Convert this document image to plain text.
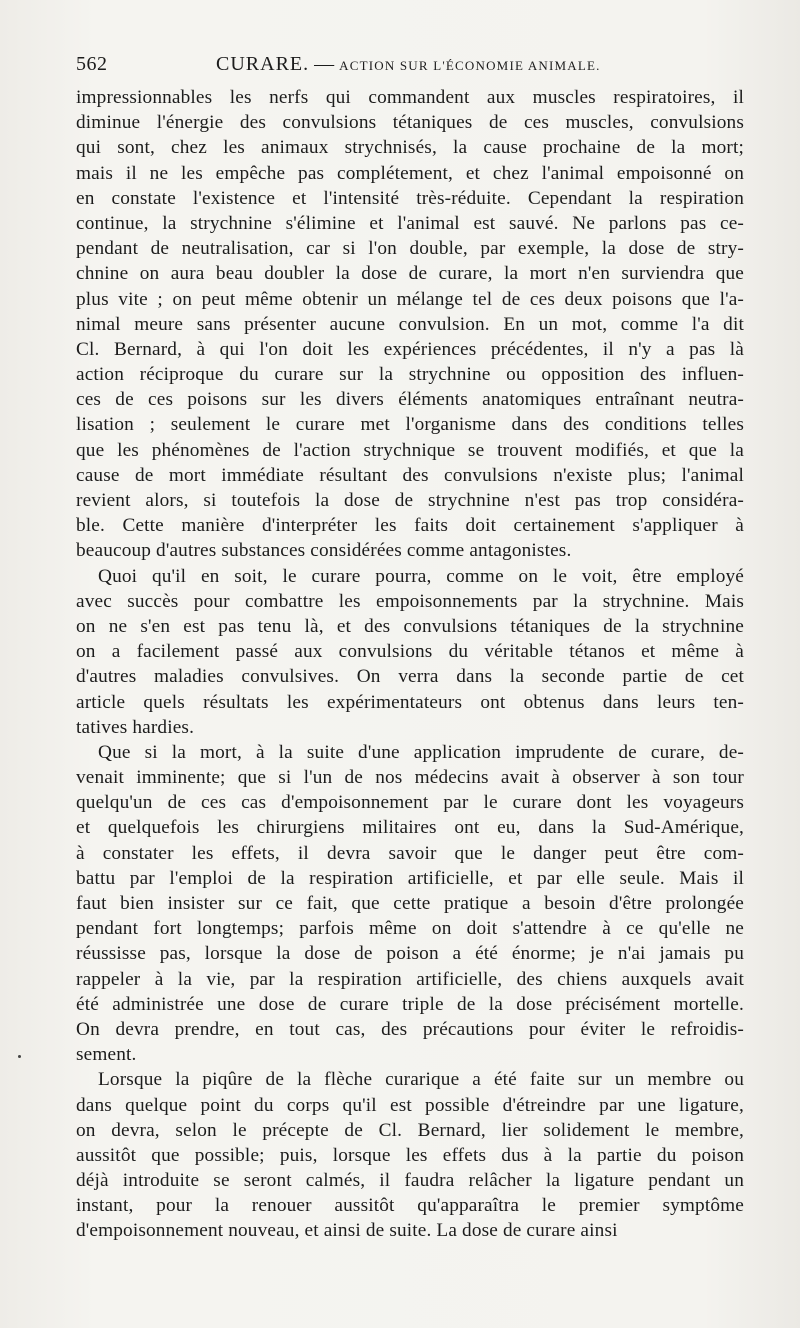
562	CURARE. — ACTION SUR L'ÉCONOMIE ANIMALE.
impressionnables les nerfs qui commandent aux muscles respiratoires, il
diminue l'énergie des convulsions tétaniques de ces muscles, convulsions
qui sont, chez les animaux strychnisés, la cause prochaine de la mort;
mais il ne les empêche pas complétement, et chez l'animal empoisonné on
en constate l'existence et l'intensité très-réduite. Cependant la respiration
continue, la strychnine s'élimine et l'animal est sauvé. Ne parlons pas ce-
pendant de neutralisation, car si l'on double, par exemple, la dose de stry-
chnine on aura beau doubler la dose de curare, la mort n'en surviendra que
plus vite ; on peut même obtenir un mélange tel de ces deux poisons que l'a-
nimal meure sans présenter aucune convulsion. En un mot, comme l'a dit
Cl. Bernard, à qui l'on doit les expériences précédentes, il n'y a pas là
action réciproque du curare sur la strychnine ou opposition des influen-
ces de ces poisons sur les divers éléments anatomiques entraînant neutra-
lisation ; seulement le curare met l'organisme dans des conditions telles
que les phénomènes de l'action strychnique se trouvent modifiés, et que la
cause de mort immédiate résultant des convulsions n'existe plus; l'animal
revient alors, si toutefois la dose de strychnine n'est pas trop considéra-
ble. Cette manière d'interpréter les faits doit certainement s'appliquer à
beaucoup d'autres substances considérées comme antagonistes.
Quoi qu'il en soit, le curare pourra, comme on le voit, être employé
avec succès pour combattre les empoisonnements par la strychnine. Mais
on ne s'en est pas tenu là, et des convulsions tétaniques de la strychnine
on a facilement passé aux convulsions du véritable tétanos et même à
d'autres maladies convulsives. On verra dans la seconde partie de cet
article quels résultats les expérimentateurs ont obtenus dans leurs ten-
tatives hardies.
Que si la mort, à la suite d'une application imprudente de curare, de-
venait imminente; que si l'un de nos médecins avait à observer à son tour
quelqu'un de ces cas d'empoisonnement par le curare dont les voyageurs
et quelquefois les chirurgiens militaires ont eu, dans la Sud-Amérique,
à constater les effets, il devra savoir que le danger peut être com-
battu par l'emploi de la respiration artificielle, et par elle seule. Mais il
faut bien insister sur ce fait, que cette pratique a besoin d'être prolongée
pendant fort longtemps; parfois même on doit s'attendre à ce qu'elle ne
réussisse pas, lorsque la dose de poison a été énorme; je n'ai jamais pu
rappeler à la vie, par la respiration artificielle, des chiens auxquels avait
été administrée une dose de curare triple de la dose précisément mortelle.
On devra prendre, en tout cas, des précautions pour éviter le refroidis-
sement.
Lorsque la piqûre de la flèche curarique a été faite sur un membre ou
dans quelque point du corps qu'il est possible d'étreindre par une ligature,
on devra, selon le précepte de Cl. Bernard, lier solidement le membre,
aussitôt que possible; puis, lorsque les effets dus à la partie du poison
déjà introduite se seront calmés, il faudra relâcher la ligature pendant un
instant, pour la renouer aussitôt qu'apparaîtra le premier symptôme
d'empoisonnement nouveau, et ainsi de suite. La dose de curare ainsi
